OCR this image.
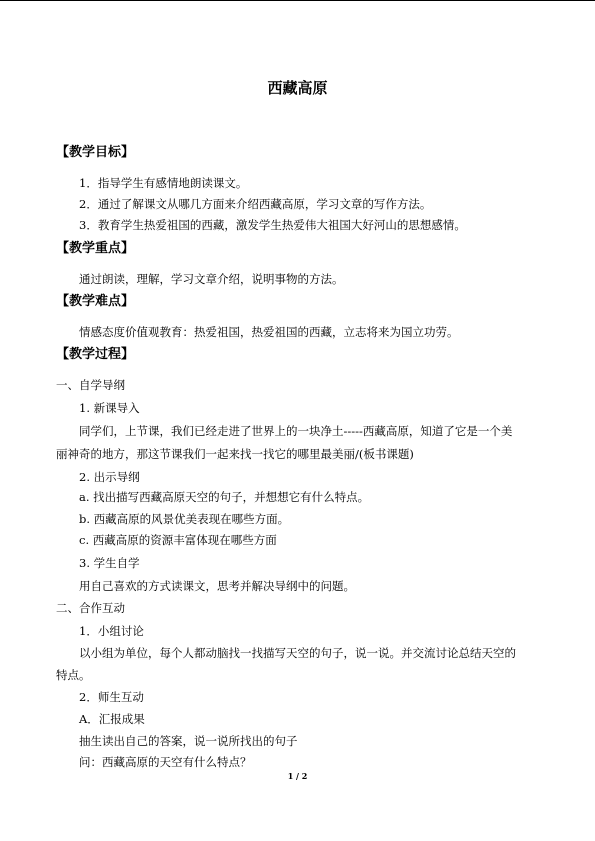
西藏高原
【教学目标】
1．指导学生有感情地朗读课文。
2．通过了解课文从哪几方面来介绍西藏高原，学习文章的写作方法。
3．教育学生热爱祖国的西藏，激发学生热爱伟大祖国大好河山的思想感情。
【教学重点】
通过朗读，理解，学习文章介绍，说明事物的方法。
【教学难点】
情感态度价值观教育：热爱祖国，热爱祖国的西藏，立志将来为国立功劳。
【教学过程】
一、自学导纲
1. 新课导入
同学们，上节课，我们已经走进了世界上的一块净土-----西藏高原，知道了它是一个美
丽神奇的地方，那这节课我们一起来找一找它的哪里最美丽/(板书课题)
2. 出示导纲
a. 找出描写西藏高原天空的句子，并想想它有什么特点。
b. 西藏高原的风景优美表现在哪些方面。
c. 西藏高原的资源丰富体现在哪些方面
3. 学生自学
用自己喜欢的方式读课文，思考并解决导纲中的问题。
二、合作互动
1．小组讨论
以小组为单位，每个人都动脑找一找描写天空的句子，说一说。并交流讨论总结天空的
特点。
2．师生互动
A．汇报成果
抽生读出自己的答案，说一说所找出的句子
问：西藏高原的天空有什么特点？
1 / 2
